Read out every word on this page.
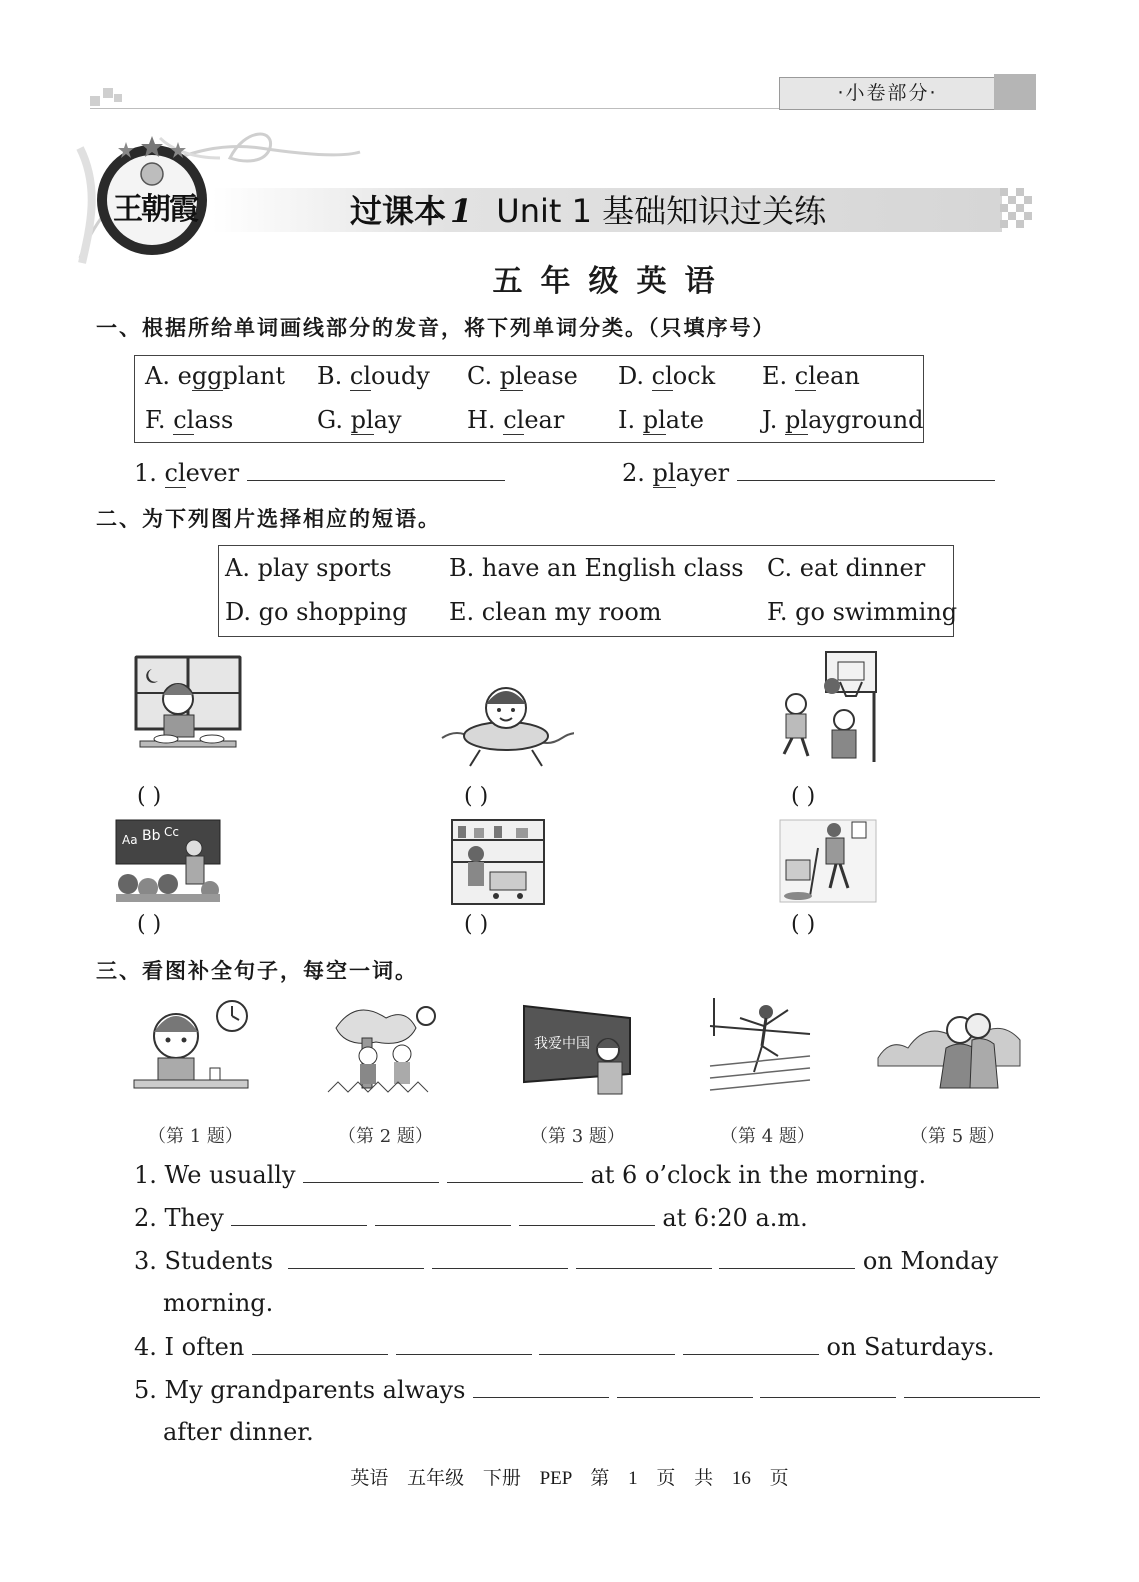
·小卷部分·
王朝霞	过课本 1 Unit 1 基础知识过关练
五年级英语
一、根据所给单词画线部分的发音，将下列单词分类。（只填序号）
A. eggplant B. cloudy C. please D. clock E. clean
F. class	G. play	H. clear I. plate J. playground
1. clever	2. player
二、为下列图片选择相应的短语。
A. play sports B. have an English class C. eat dinner
D. go shopping E. clean my room	F. go swimming
( )	( )	( )
Aa Bb Cc
( )	( )	( )
三、看图补全句子，每空一词。
我爱中国
（第 1 题）	（第 2 题）	（第 3 题）	（第 4 题）	（第 5 题）
1. We usually	at 6 o’clock in the morning.
2. They	at 6:20 a.m.
3. Students	on Monday
morning.
4. I often	on Saturdays.
5. My grandparents always
after dinner.
英语 五年级 下册 PEP 第 1 页 共 16 页
